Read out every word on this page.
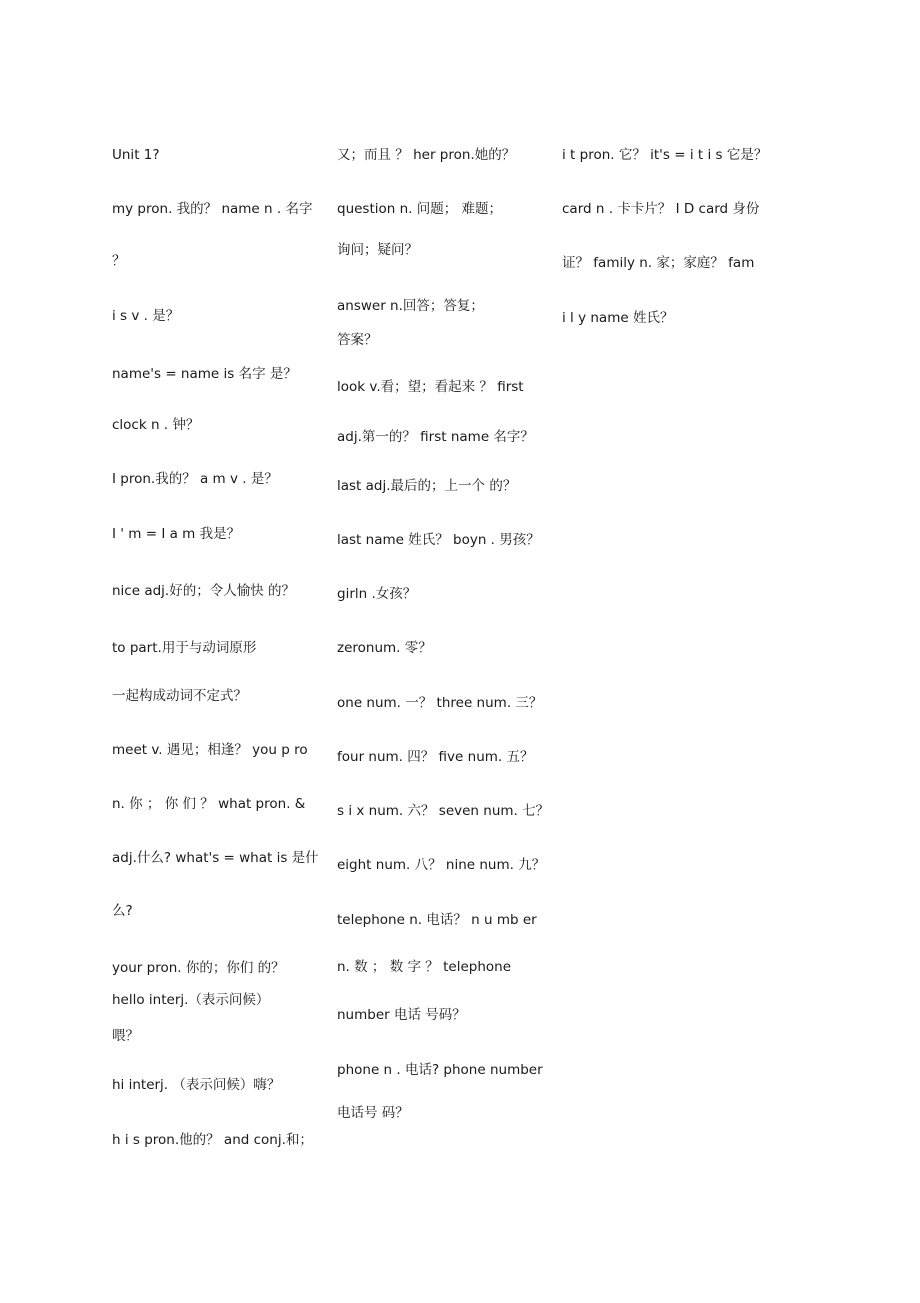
Unit 1?
my pron. 我的？ name n . 名字
？
i s v . 是？
name's = name is 名字 是？
clock n . 钟？
I pron.我的？ a m v . 是？
I ' m = I a m 我是？
nice adj.好的；令人愉快 的？
to part.用于与动词原形
一起构成动词不定式？
meet v. 遇见；相逢？ you p ro
n. 你 ； 你 们 ？ what pron. &
adj.什么? what's = what is 是什
么?
your pron. 你的；你们 的？
hello interj.（表示问候）
喂？
hi interj. （表示问候）嗨？
h i s pron.他的？ and conj.和；
又；而且 ？ her pron.她的？
question n. 问题； 难题；
询问；疑问？
answer n.回答；答复；
答案？
look v.看；望；看起来 ？ first
adj.第一的？ first name 名字？
last adj.最后的；上一个 的？
last name 姓氏？ boyn . 男孩？
girln .女孩？
zeronum. 零？
one num. 一？ three num. 三？
four num. 四？ five num. 五？
s i x num. 六？ seven num. 七？
eight num. 八？ nine num. 九？
telephone n. 电话？ n u mb er
n. 数 ； 数 字 ？ telephone
number 电话 号码？
phone n . 电话? phone number
电话号 码？
i t pron. 它？ it's = i t i s 它是？
card n . 卡卡片？ I D card 身份
证？ family n. 家；家庭？ fam
i l y name 姓氏？
